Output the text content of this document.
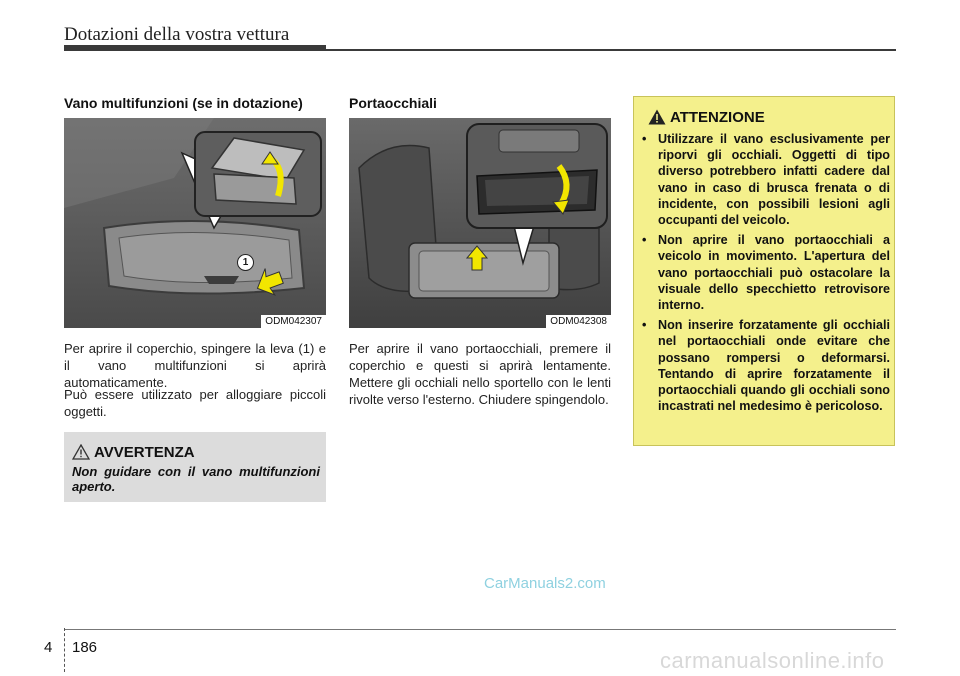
Dotazioni della vostra vettura
Vano multifunzioni (se in dotazione)
1
ODM042307

Per aprire il coperchio, spingere la leva (1) e il vano multifunzioni si aprirà automaticamente.

Può essere utilizzato per alloggiare piccoli oggetti.

AVVERTENZA
Non guidare con il vano multifunzioni aperto.
Portaocchiali
ODM042308

Per aprire il vano portaocchiali, premere il coperchio e questi si aprirà lentamente. Mettere gli occhiali nello sportello con le lenti rivolte verso l'esterno. Chiudere spingendolo.

ATTENZIONE
• Utilizzare il vano esclusivamente per riporvi gli occhiali. Oggetti di tipo diverso potrebbero infatti cadere dal vano in caso di brusca frenata o di incidente, con possibili lesioni agli occupanti del veicolo.
• Non aprire il vano portaocchiali a veicolo in movimento. L'apertura del vano portaocchiali può ostacolare la visuale dello specchietto retrovisore interno.
• Non inserire forzatamente gli occhiali nel portaocchiali onde evitare che possano rompersi o deformarsi. Tentando di aprire forzatamente il portaocchiali quando gli occhiali sono incastrati nel medesimo è pericoloso.
CarManuals2.com
4 186
carmanualsonline.info
